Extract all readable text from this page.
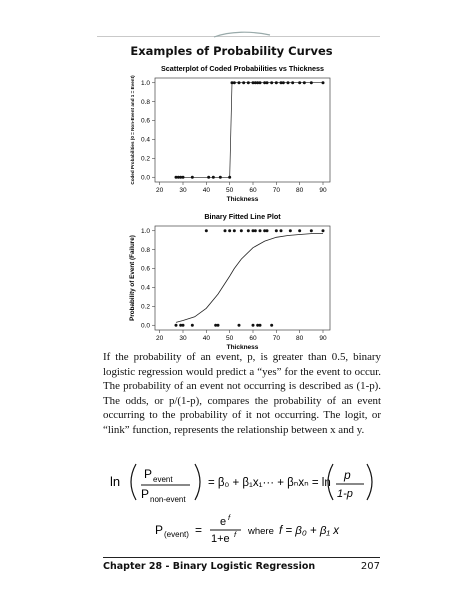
Examples of Probability Curves
Scatterplot of Coded Probabilities vs Thickness
20 30 40 50 60 70 80 90
0.0
0.2
0.4
0.6
0.8
1.0
Thickness
Coded Probabilities (0 = Non-Event and 1 = Event)
Binary Fitted Line Plot
20 30 40 50 60 70 80 90
0.0
0.2
0.4
0.6
0.8
1.0
Thickness
Probability of Event (Failure)

If the probability of an event, p, is greater than 0.5, binary logistic regression would predict a “yes” for the event to occur. The probability of an event not occurring is described as (1-p). The odds, or p/(1-p), compares the probability of an event occurring to the probability of it not occurring. The logit, or “link” function, represents the relationship between x and y.

ln P event
P non-event
= β₀ + β₁x₁··· + βₙxₙ = ln
p
1-p
P (event) =
e f
1+e f where f = β₀ + β₁ x
Chapter 28 - Binary Logistic Regression	207
